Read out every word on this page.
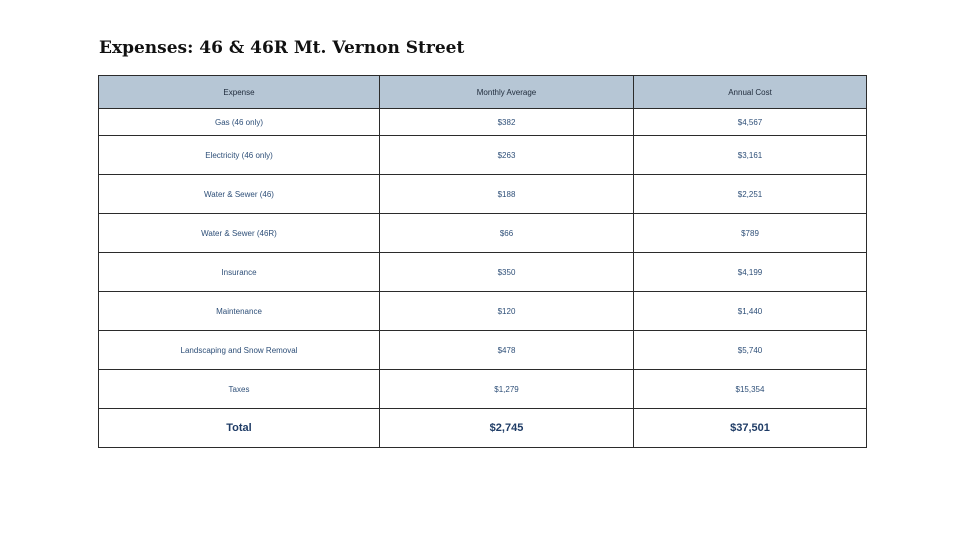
Expenses: 46 & 46R Mt. Vernon Street
Expense	Monthly Average	Annual Cost
Gas (46 only)	$382	$4,567
Electricity (46 only)	$263	$3,161
Water & Sewer (46)	$188	$2,251
Water & Sewer (46R)	$66	$789
Insurance	$350	$4,199
Maintenance	$120	$1,440
Landscaping and Snow Removal	$478	$5,740
Taxes	$1,279	$15,354
Total	$2,745	$37,501
